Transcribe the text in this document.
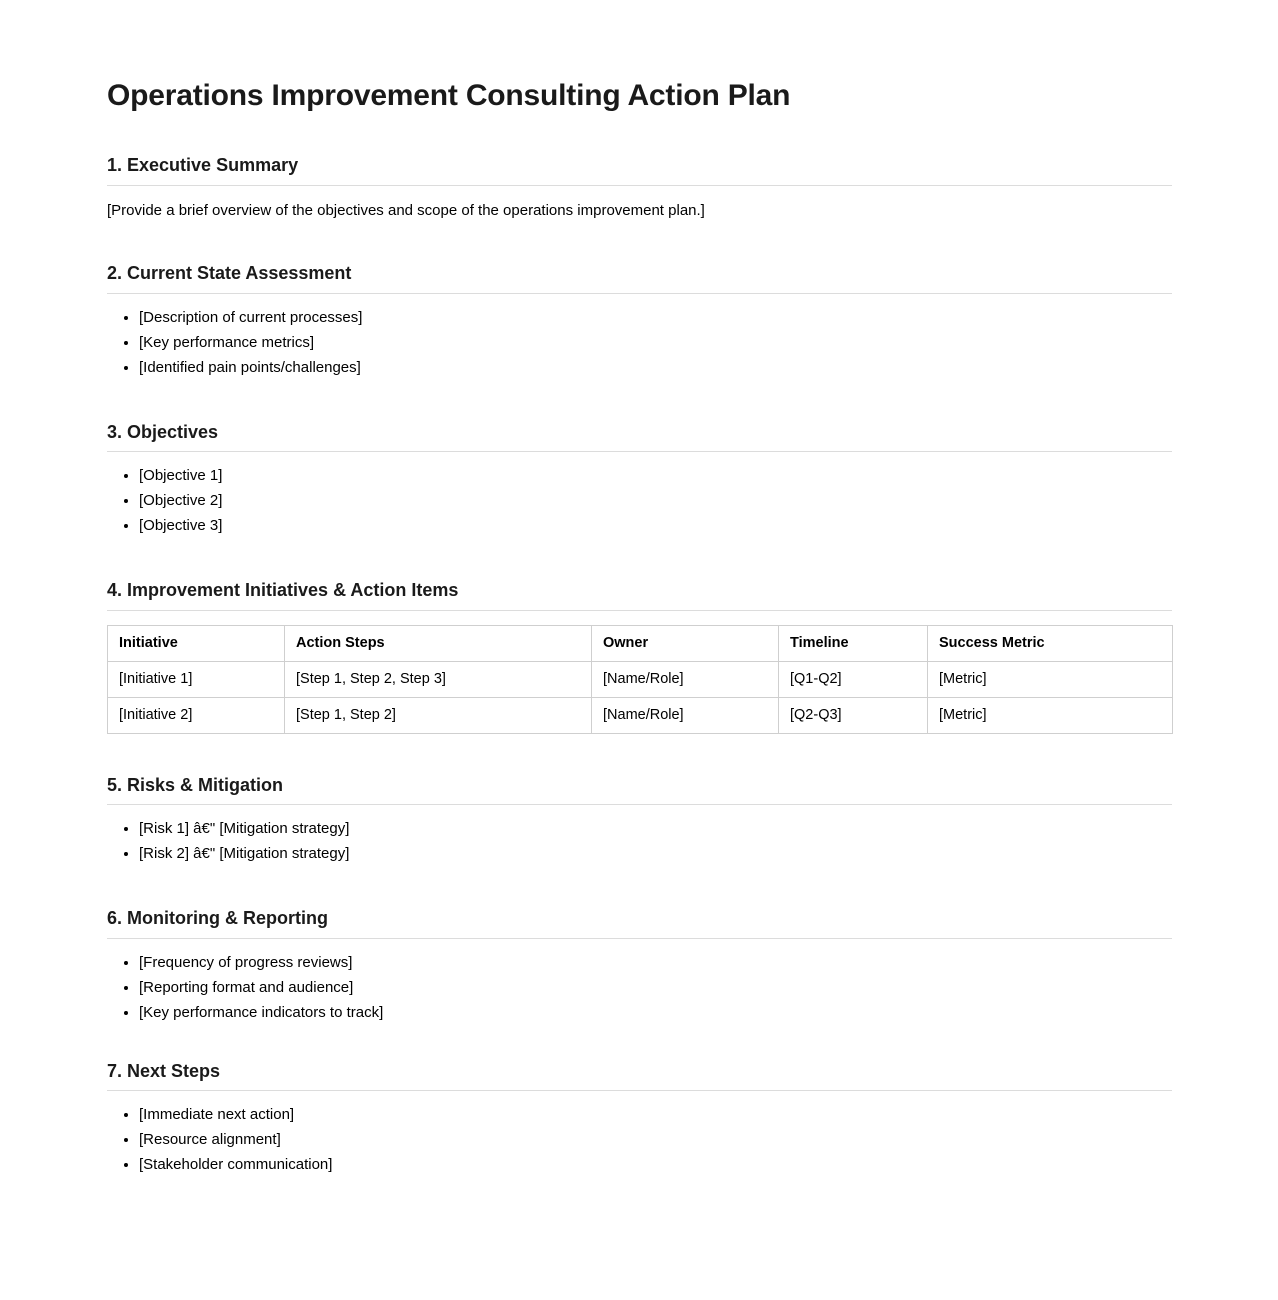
Operations Improvement Consulting Action Plan
1. Executive Summary

[Provide a brief overview of the objectives and scope of the operations improvement plan.]

2. Current State Assessment
• [Description of current processes]
• [Key performance metrics]
• [Identified pain points/challenges]
3. Objectives
• [Objective 1]
• [Objective 2]
• [Objective 3]
4. Improvement Initiatives & Action Items
Initiative	Action Steps	Owner	Timeline	Success Metric
[Initiative 1]	[Step 1, Step 2, Step 3]	[Name/Role]	[Q1-Q2]	[Metric]
[Initiative 2]	[Step 1, Step 2]	[Name/Role]	[Q2-Q3]	[Metric]
5. Risks & Mitigation
• [Risk 1] â€" [Mitigation strategy]
• [Risk 2] â€" [Mitigation strategy]
6. Monitoring & Reporting
• [Frequency of progress reviews]
• [Reporting format and audience]
• [Key performance indicators to track]
7. Next Steps
• [Immediate next action]
• [Resource alignment]
• [Stakeholder communication]
